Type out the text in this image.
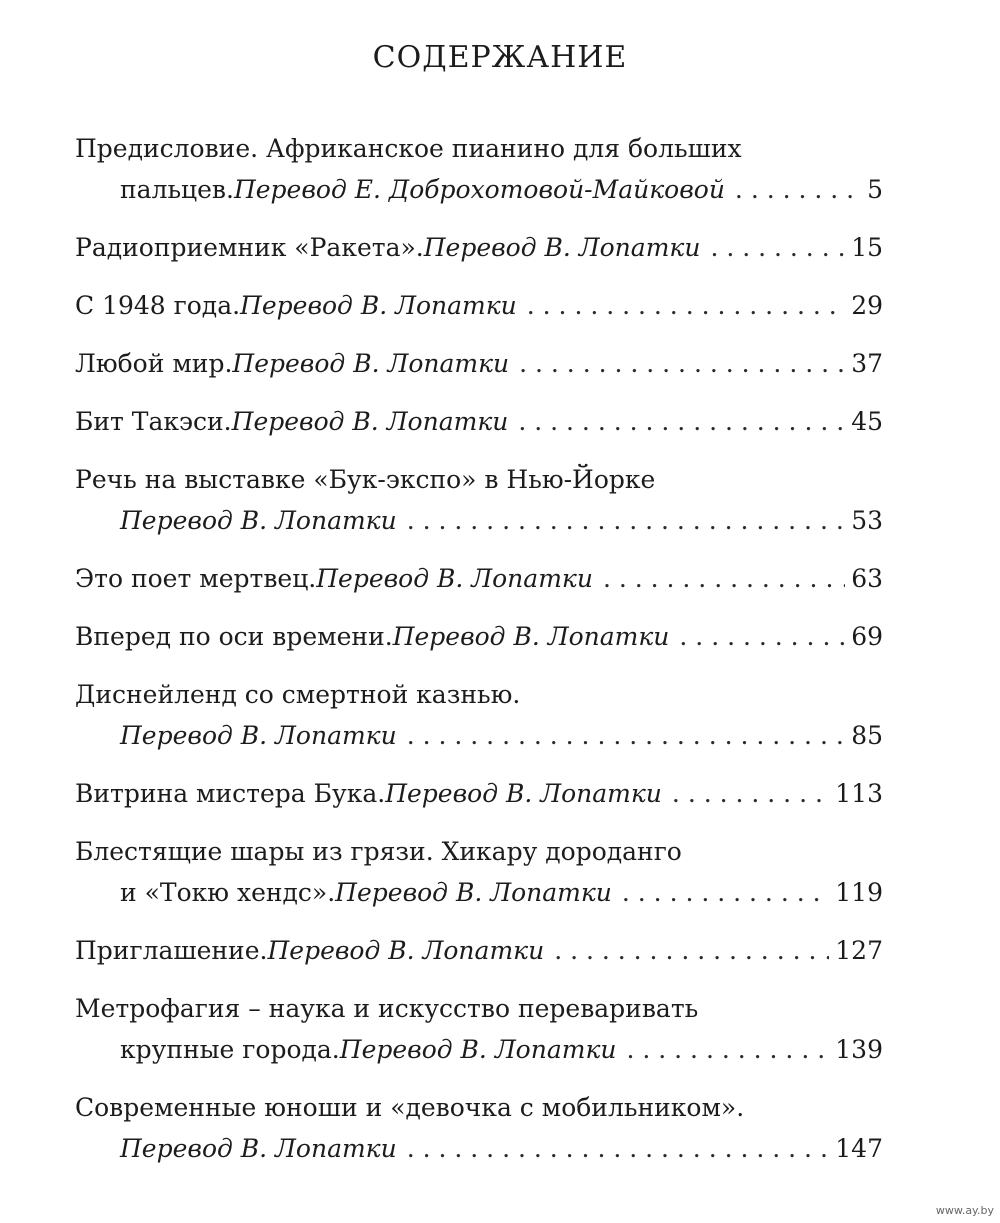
СОДЕРЖАНИЕ
Предисловие. Африканское пианино для больших
пальцев. Перевод Е. Доброхотовой-Майковой . . .	5
Радиоприемник «Ракета». Перевод В. Лопатки . . .	15
С 1948 года. Перевод В. Лопатки . . .	29
Любой мир. Перевод В. Лопатки . . .	37
Бит Такэси. Перевод В. Лопатки . . .	45
Речь на выставке «Бук-экспо» в Нью-Йорке
Перевод В. Лопатки . . .	53
Это поет мертвец. Перевод В. Лопатки . . .	63
Вперед по оси времени. Перевод В. Лопатки . . .	69
Диснейленд со смертной казнью.
Перевод В. Лопатки . . .	85
Витрина мистера Бука. Перевод В. Лопатки . . .	113
Блестящие шары из грязи. Хикару дороданго
и «Токю хендс». Перевод В. Лопатки . . .	119
Приглашение. Перевод В. Лопатки . . .	127
Метрофагия – наука и искусство переваривать
крупные города. Перевод В. Лопатки . . .	139
Современные юноши и «девочка с мобильником».
Перевод В. Лопатки . . .	147
www.ay.by
